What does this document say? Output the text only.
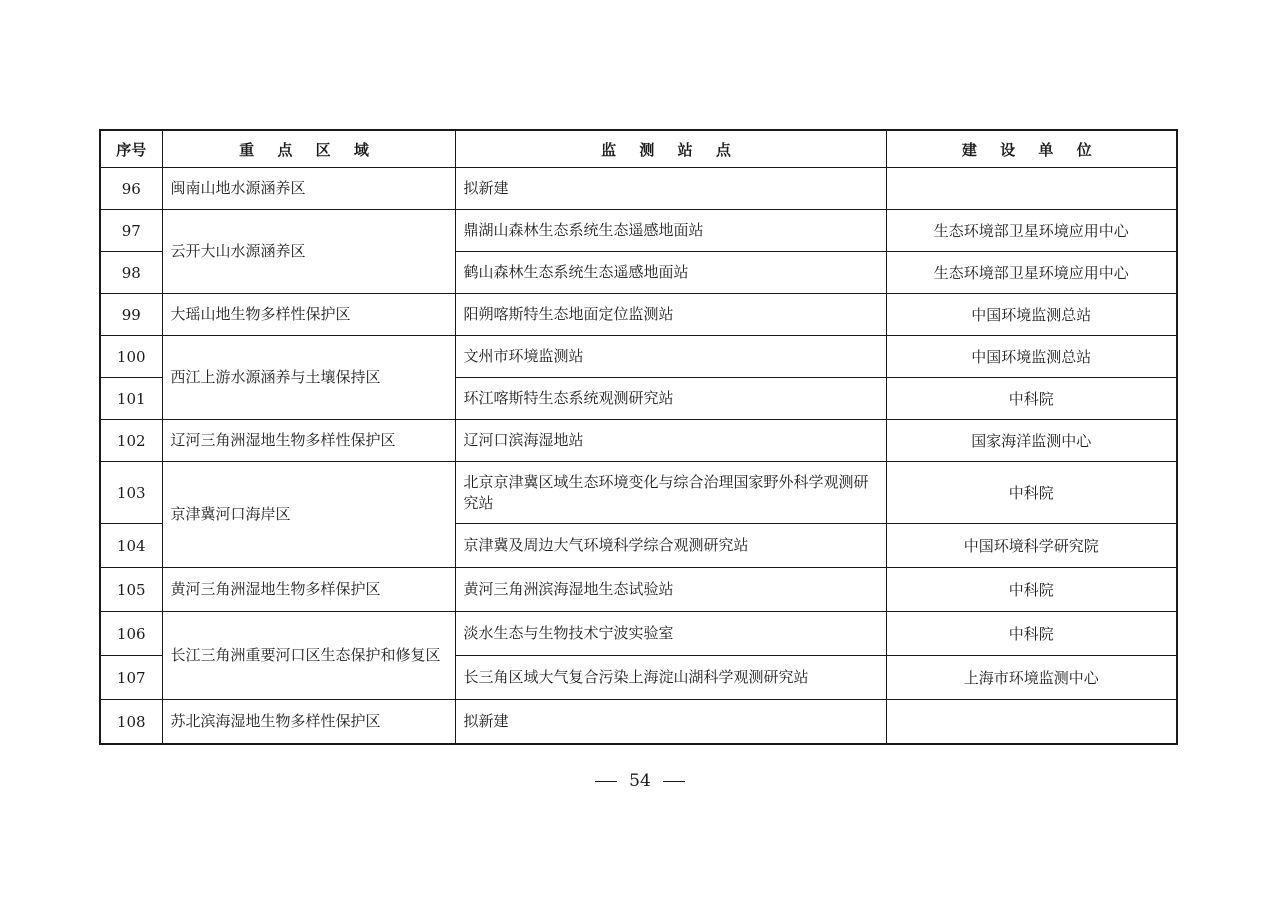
序号	重 点 区 域	监 测 站 点	建 设 单 位
96	闽南山地水源涵养区	拟新建	
97	云开大山水源涵养区	鼎湖山森林生态系统生态遥感地面站	生态环境部卫星环境应用中心
98		鹤山森林生态系统生态遥感地面站	生态环境部卫星环境应用中心
99	大瑶山地生物多样性保护区	阳朔喀斯特生态地面定位监测站	中国环境监测总站
100	西江上游水源涵养与土壤保持区	文州市环境监测站	中国环境监测总站
101		环江喀斯特生态系统观测研究站	中科院
102	辽河三角洲湿地生物多样性保护区	辽河口滨海湿地站	国家海洋监测中心
103	京津冀河口海岸区	北京京津冀区域生态环境变化与综合治理国家野外科学观测研究站	中科院
104		京津冀及周边大气环境科学综合观测研究站	中国环境科学研究院
105	黄河三角洲湿地生物多样保护区	黄河三角洲滨海湿地生态试验站	中科院
106	长江三角洲重要河口区生态保护和修复区	淡水生态与生物技术宁波实验室	中科院
107		长三角区域大气复合污染上海淀山湖科学观测研究站	上海市环境监测中心
108	苏北滨海湿地生物多样性保护区	拟新建	
54
